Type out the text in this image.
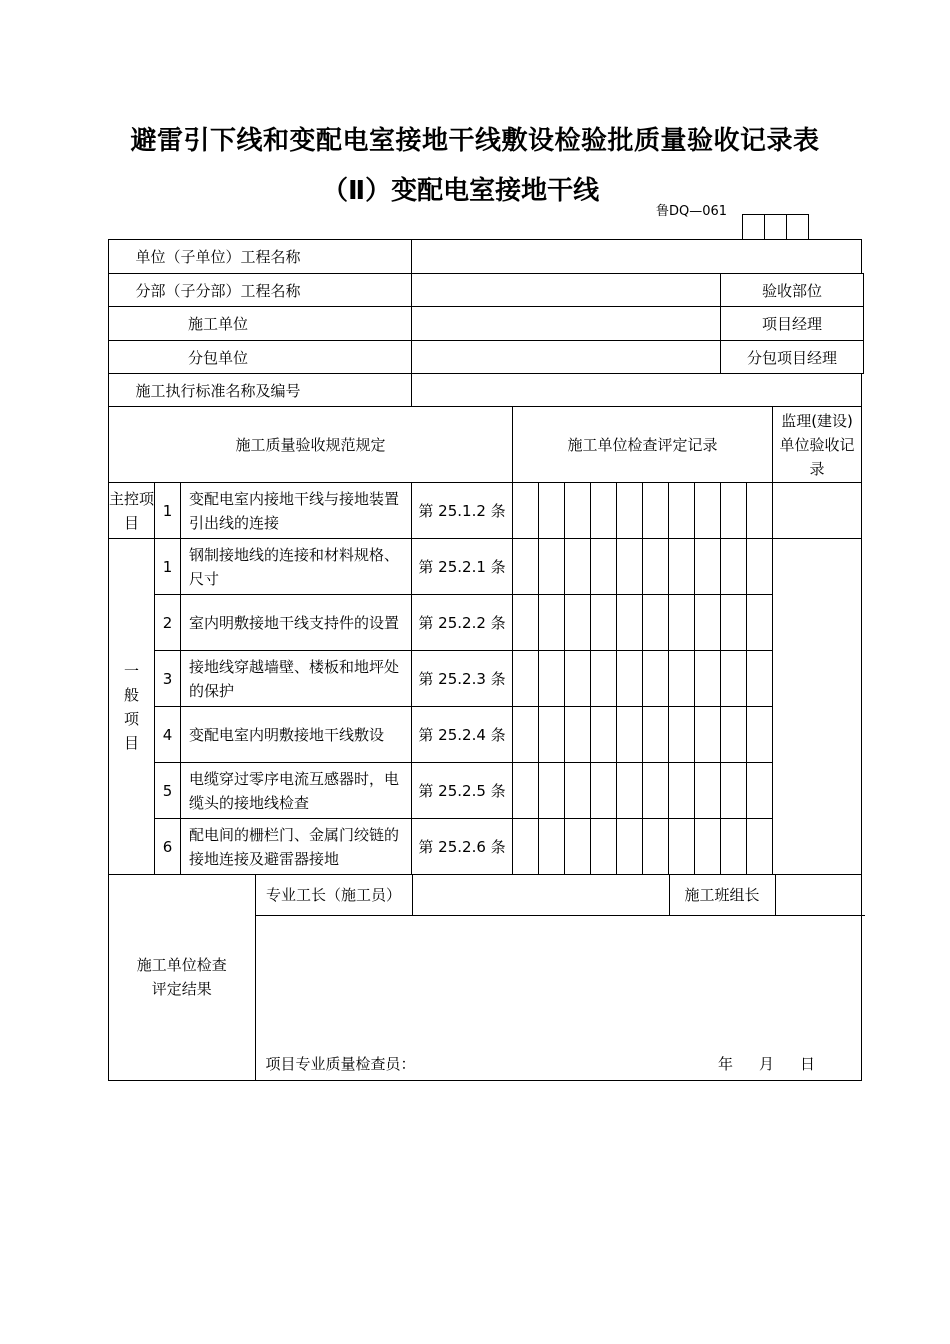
避雷引下线和变配电室接地干线敷设检验批质量验收记录表
（Ⅱ）变配电室接地干线
鲁DQ—061
单位（子单位）工程名称	
分部（子分部）工程名称		验收部位
施工单位		项目经理
分包单位		分包项目经理
施工执行标准名称及编号	
施工质量验收规范规定	施工单位检查评定记录	监理(建设)单位验收记录
主控项目	1	变配电室内接地干线与接地装置引出线的连接	第 25.1.2 条											
一般项目	1	钢制接地线的连接和材料规格、尺寸	第 25.2.1 条											
2	室内明敷接地干线支持件的设置	第 25.2.2 条										
3	接地线穿越墙壁、楼板和地坪处的保护	第 25.2.3 条										
4	变配电室内明敷接地干线敷设	第 25.2.4 条										
5	电缆穿过零序电流互感器时，电缆头的接地线检查	第 25.2.5 条										
6	配电间的栅栏门、金属门绞链的接地连接及避雷器接地	第 25.2.6 条										

施工单位检查评定结果	专业工长（施工员）		施工班组长	

项目专业质量检查员：	年 月 日
